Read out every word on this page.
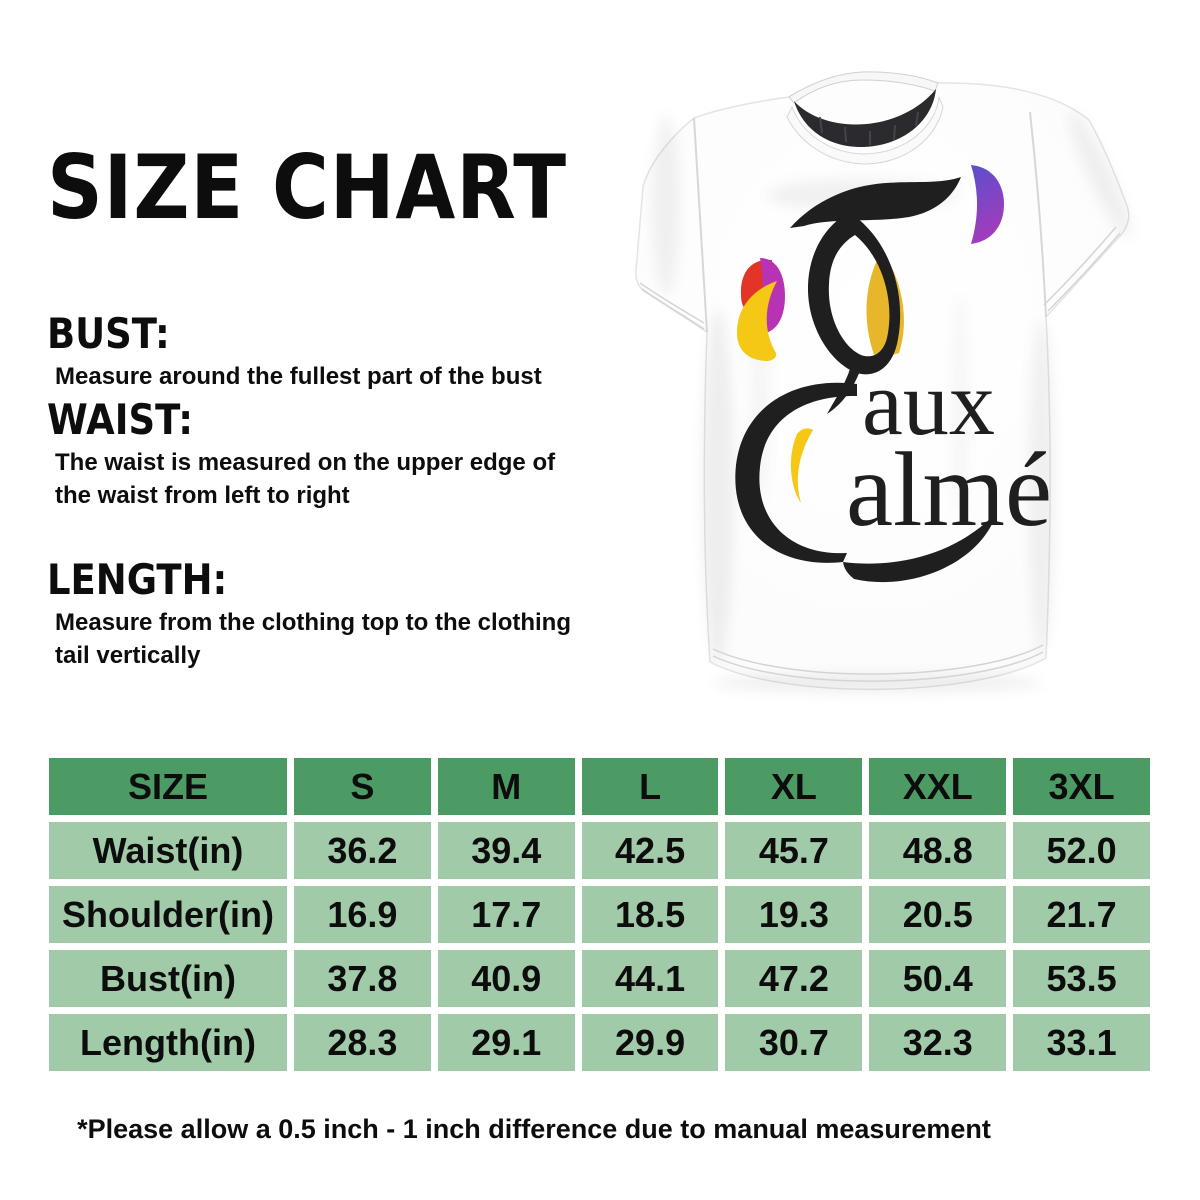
SIZE CHART
BUST:
Measure around the fullest part of the bust
WAIST:
The waist is measured on the upper edge of
the waist from left to right
LENGTH:
Measure from the clothing top to the clothing
tail vertically
aux
almé
SIZE	S	M	L	XL	XXL	3XL
Waist(in)	36.2	39.4	42.5	45.7	48.8	52.0
Shoulder(in)	16.9	17.7	18.5	19.3	20.5	21.7
Bust(in)	37.8	40.9	44.1	47.2	50.4	53.5
Length(in)	28.3	29.1	29.9	30.7	32.3	33.1
*Please allow a 0.5 inch - 1 inch difference due to manual measurement
